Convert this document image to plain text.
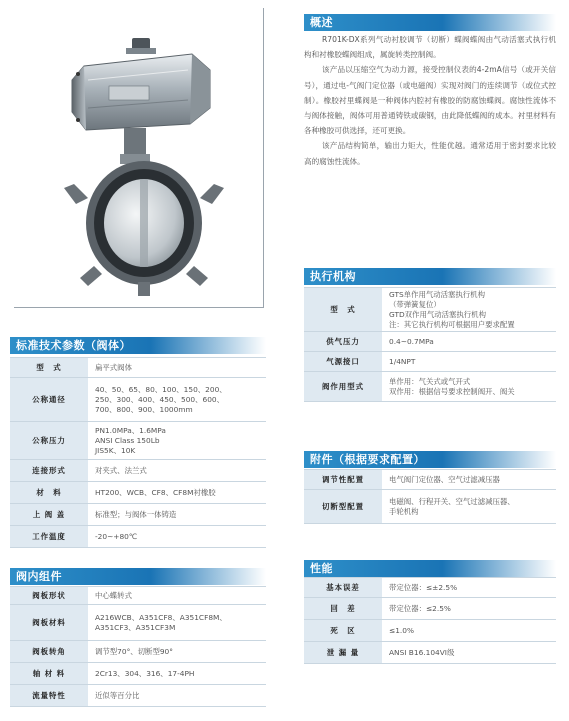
概述

R701K-DX系列气动衬胶调节（切断）蝶阀蝶阀由气动活塞式执行机构和衬橡胶蝶阀组成，属旋转类控制阀。

该产品以压缩空气为动力源，接受控制仪表的4-2mA信号（或开关信号），通过电-气阀门定位器（或电磁阀）实现对阀门的连续调节（或位式控制）。橡胶衬里蝶阀是一种阀体内腔衬有橡胶的防腐蚀蝶阀。腐蚀性流体不与阀体接触，阀体可用普通铸铁或碳钢，由此降低蝶阀的成本。衬里材料有各种橡胶可供选择，还可更换。

该产品结构简单，输出力矩大，性能优越。通常适用于密封要求比较高的腐蚀性流体。

执行机构
型　式	GTS单作用气动活塞执行机构
（带弹簧复位）
GTD双作用气动活塞执行机构
注：其它执行机构可根据用户要求配置
供气压力	0.4~0.7MPa
气源接口	1/4NPT
阀作用型式	单作用：气关式或气开式
双作用：根据信号要求控制阀开、阀关
标准技术参数（阀体）
型　式	扁平式阀体
公称通径	40、50、65、80、100、150、200、
250、300、400、450、500、600、
700、800、900、1000mm
公称压力	PN1.0MPa、1.6MPa
ANSI Class 150Lb
JIS5K、10K
连接形式	对夹式、法兰式
材　料	HT200、WCB、CF8、CF8M衬橡胶
上 阀 盖	标准型；与阀体一体铸造
工作温度	-20~+80℃
附件（根据要求配置）
调节性配置	电气阀门定位器、空气过滤减压器
切断型配置	电磁阀、行程开关、空气过滤减压器、
手轮机构
阀内组件
阀板形状	中心蝶转式
阀板材料	A216WCB、A351CF8、A351CF8M、
A351CF3、A351CF3M
阀板转角	调节型70°、切断型90°
轴 材 料	2Cr13、304、316、17-4PH
流量特性	近似等百分比
性能
基本误差	带定位器：≤±2.5%
回　差	带定位器：≤2.5%
死　区	≤1.0%
泄 漏 量	ANSI B16.104VI级
